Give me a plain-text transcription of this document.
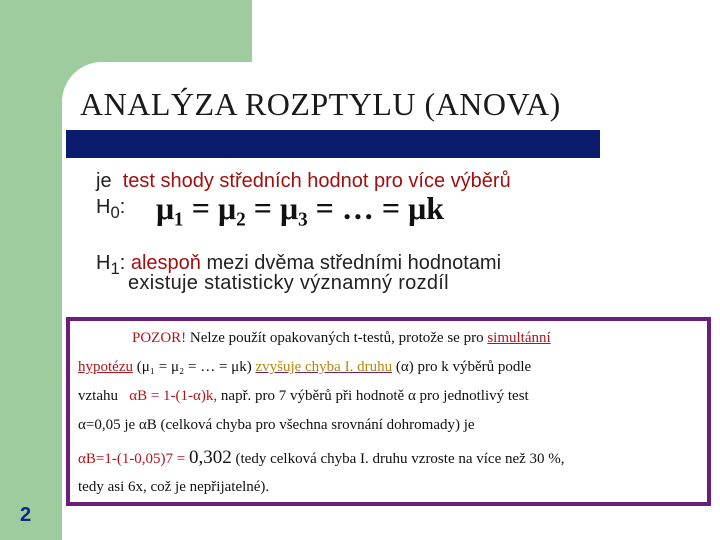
ANALÝZA ROZPTYLU (ANOVA)
je test shody středních hodnot pro více výběrů
$H_0$: μ₁ = μ₂ = μ₃ = … = μk
$H_1$: alespoň mezi dvěma středními hodnotami
existuje statisticky významný rozdíl
POZOR! Nelze použít opakovaných t-testů, protože se pro simultánní
hypotézu (μ₁ = μ₂ = … = μk) zvyšuje chyba I. druhu (α) pro k výběrů podle
vztahu αB = 1-(1-α)k, např. pro 7 výběrů při hodnotě α pro jednotlivý test
α=0,05 je αB (celková chyba pro všechna srovnání dohromady) je
αB=1-(1-0,05)7 = 0,302 (tedy celková chyba I. druhu vzroste na více než 30 %,
tedy asi 6x, což je nepřijatelné).
2
